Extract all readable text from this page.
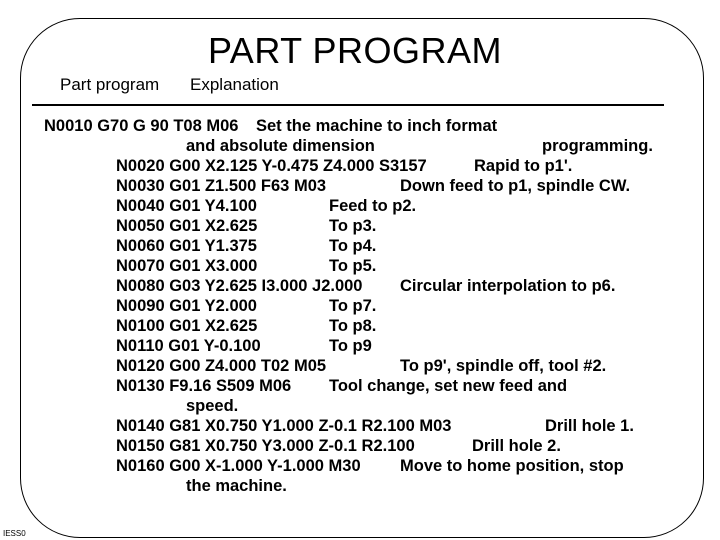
PART PROGRAM
Part program Explanation
N0010 G70 G 90 T08 M06 Set the machine to inch format
and absolute dimension	programming.
N0020 G00 X2.125 Y-0.475 Z4.000 S3157	Rapid to p1'.
N0030 G01 Z1.500 F63 M03	Down feed to p1, spindle CW.
N0040 G01 Y4.100	Feed to p2.
N0050 G01 X2.625	To p3.
N0060 G01 Y1.375	To p4.
N0070 G01 X3.000	To p5.
N0080 G03 Y2.625 I3.000 J2.000 Circular interpolation to p6.
N0090 G01 Y2.000	To p7.
N0100 G01 X2.625	To p8.
N0110 G01 Y-0.100	To p9
N0120 G00 Z4.000 T02 M05	To p9', spindle off, tool #2.
N0130 F9.16 S509 M06 Tool change, set new feed and
speed.
N0140 G81 X0.750 Y1.000 Z-0.1 R2.100 M03	Drill hole 1.
N0150 G81 X0.750 Y3.000 Z-0.1 R2.100	Drill hole 2.
N0160 G00 X-1.000 Y-1.000 M30 Move to home position, stop
the machine.
IESS0
